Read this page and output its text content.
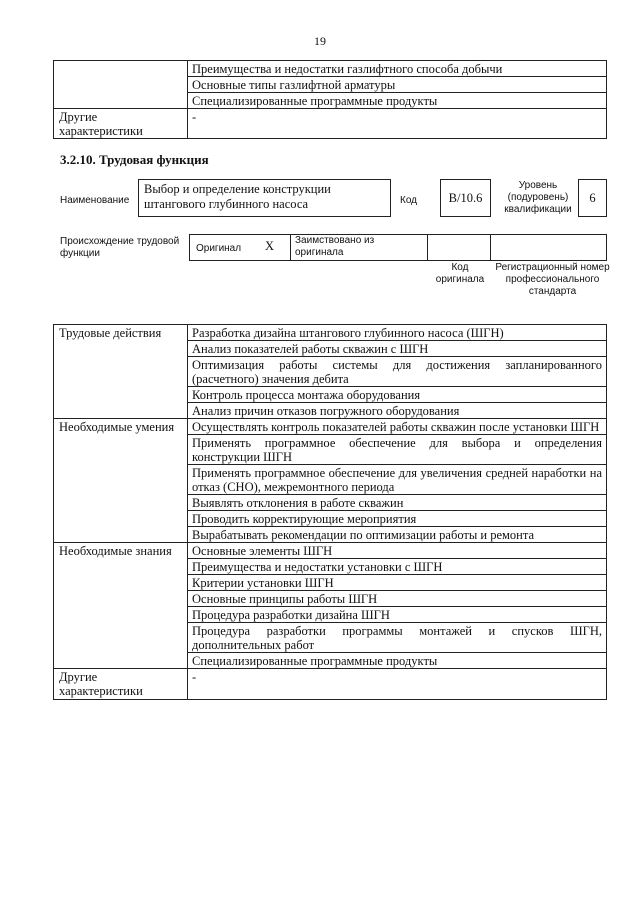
19
	Преимущества и недостатки газлифтного способа добычи
	Основные типы газлифтной арматуры
	Специализированные программные продукты
Другие характеристики	-
3.2.10. Трудовая функция
Наименование
Выбор и определение конструкции штангового глубинного насоса	Код	В/10.6
Уровень (подуровень) квалификации
6
Происхождение трудовой функции	Оригинал X Заимствовано из оригинала
Код оригинала
Регистрационный номер профессионального стандарта
Трудовые действия	Разработка дизайна штангового глубинного насоса (ШГН)
	Анализ показателей работы скважин с ШГН
	Оптимизация работы системы для достижения запланированного (расчетного) значения дебита
	Контроль процесса монтажа оборудования
	Анализ причин отказов погружного оборудования
Необходимые умения	Осуществлять контроль показателей работы скважин после установки ШГН
	Применять программное обеспечение для выбора и определения конструкции ШГН
	Применять программное обеспечение для увеличения средней наработки на отказ (СНО), межремонтного периода
	Выявлять отклонения в работе скважин
	Проводить корректирующие мероприятия
	Вырабатывать рекомендации по оптимизации работы и ремонта
Необходимые знания	Основные элементы ШГН
	Преимущества и недостатки установки с ШГН
	Критерии установки ШГН
	Основные принципы работы ШГН
	Процедура разработки дизайна ШГН
	Процедура разработки программы монтажей и спусков ШГН, дополнительных работ
	Специализированные программные продукты
Другие характеристики	-
